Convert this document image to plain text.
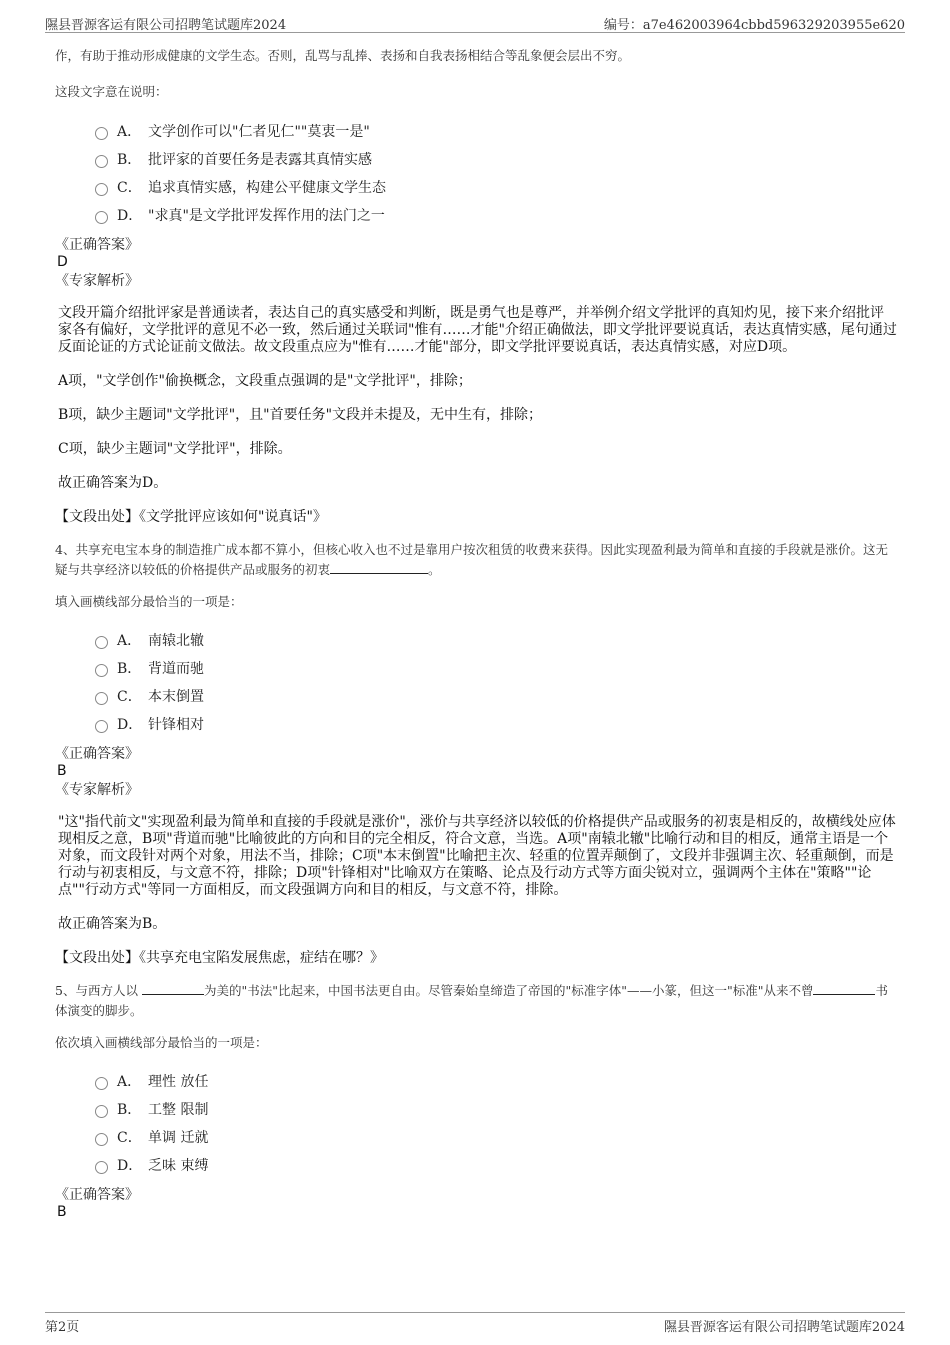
隰县晋源客运有限公司招聘笔试题库2024	编号：a7e462003964cbbd596329203955e620
作，有助于推动形成健康的文学生态。否则，乱骂与乱捧、表扬和自我表扬相结合等乱象便会层出不穷。
这段文字意在说明：
A． 文学创作可以"仁者见仁""莫衷一是"
B． 批评家的首要任务是表露其真情实感
C． 追求真情实感，构建公平健康文学生态
D． "求真"是文学批评发挥作用的法门之一
《正确答案》
D
《专家解析》
文段开篇介绍批评家是普通读者，表达自己的真实感受和判断，既是勇气也是尊严，并举例介绍文学批评的真知灼见，接下来介绍批评家各有偏好，文学批评的意见不必一致，然后通过关联词"惟有……才能"介绍正确做法，即文学批评要说真话，表达真情实感，尾句通过反面论证的方式论证前文做法。故文段重点应为"惟有……才能"部分，即文学批评要说真话，表达真情实感，对应D项。
A项，"文学创作"偷换概念，文段重点强调的是"文学批评"，排除；
B项，缺少主题词"文学批评"，且"首要任务"文段并未提及，无中生有，排除；
C项，缺少主题词"文学批评"，排除。
故正确答案为D。
【文段出处】《文学批评应该如何"说真话"》
4、共享充电宝本身的制造推广成本都不算小，但核心收入也不过是靠用户按次租赁的收费来获得。因此实现盈利最为简单和直接的手段就是涨价。这无疑与共享经济以较低的价格提供产品或服务的初衷	。
填入画横线部分最恰当的一项是：
A． 南辕北辙
B． 背道而驰
C． 本末倒置
D． 针锋相对
《正确答案》
B
《专家解析》
"这"指代前文"实现盈利最为简单和直接的手段就是涨价"，涨价与共享经济以较低的价格提供产品或服务的初衷是相反的，故横线处应体现相反之意，B项"背道而驰"比喻彼此的方向和目的完全相反，符合文意，当选。A项"南辕北辙"比喻行动和目的相反，通常主语是一个对象，而文段针对两个对象，用法不当，排除；C项"本末倒置"比喻把主次、轻重的位置弄颠倒了，文段并非强调主次、轻重颠倒，而是行动与初衷相反，与文意不符，排除；D项"针锋相对"比喻双方在策略、论点及行动方式等方面尖锐对立，强调两个主体在"策略""论点""行动方式"等同一方面相反，而文段强调方向和目的相反，与文意不符，排除。
故正确答案为B。
【文段出处】《共享充电宝陷发展焦虑，症结在哪？》
5、与西方人以	为美的"书法"比起来，中国书法更自由。尽管秦始皇缔造了帝国的"标准字体"——小篆，但这一"标准"从来不曾	书体演变的脚步。
依次填入画横线部分最恰当的一项是：
A． 理性 放任
B． 工整 限制
C． 单调 迁就
D． 乏味 束缚
《正确答案》
B
第2页	隰县晋源客运有限公司招聘笔试题库2024
